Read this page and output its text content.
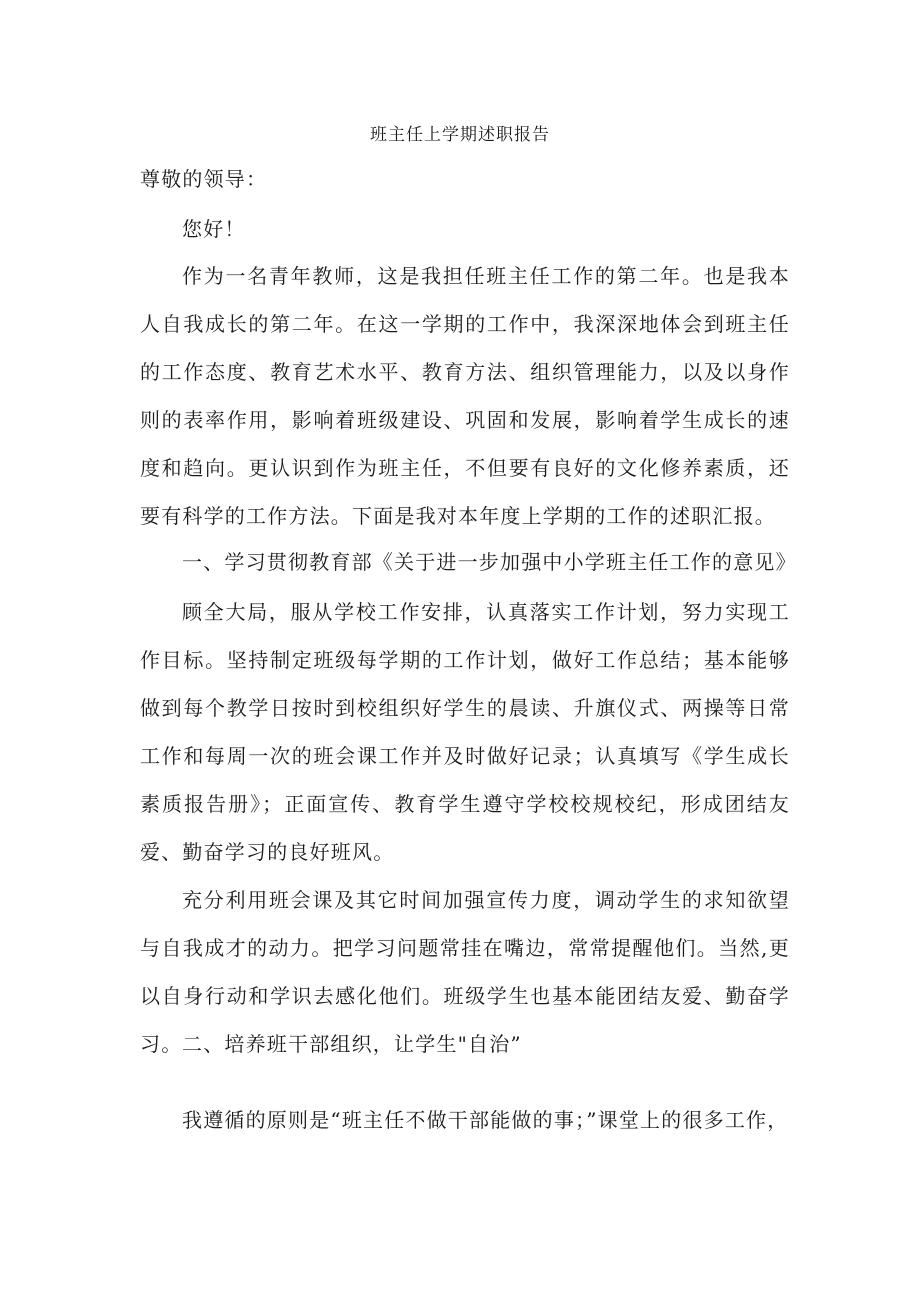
班主任上学期述职报告
尊敬的领导：
您好！
作为一名青年教师，这是我担任班主任工作的第二年。也是我本人自我成长的第二年。在这一学期的工作中，我深深地体会到班主任的工作态度、教育艺术水平、教育方法、组织管理能力，以及以身作则的表率作用，影响着班级建设、巩固和发展，影响着学生成长的速度和趋向。更认识到作为班主任，不但要有良好的文化修养素质，还要有科学的工作方法。下面是我对本年度上学期的工作的述职汇报。
一、学习贯彻教育部《关于进一步加强中小学班主任工作的意见》
顾全大局，服从学校工作安排，认真落实工作计划，努力实现工作目标。坚持制定班级每学期的工作计划，做好工作总结；基本能够做到每个教学日按时到校组织好学生的晨读、升旗仪式、两操等日常工作和每周一次的班会课工作并及时做好记录；认真填写《学生成长素质报告册》；正面宣传、教育学生遵守学校校规校纪，形成团结友爱、勤奋学习的良好班风。
充分利用班会课及其它时间加强宣传力度，调动学生的求知欲望与自我成才的动力。把学习问题常挂在嘴边，常常提醒他们。当然,更以自身行动和学识去感化他们。班级学生也基本能团结友爱、勤奋学习。 二、培养班干部组织，让学生"自治”
我遵循的原则是“班主任不做干部能做的事；”课堂上的很多工作，
